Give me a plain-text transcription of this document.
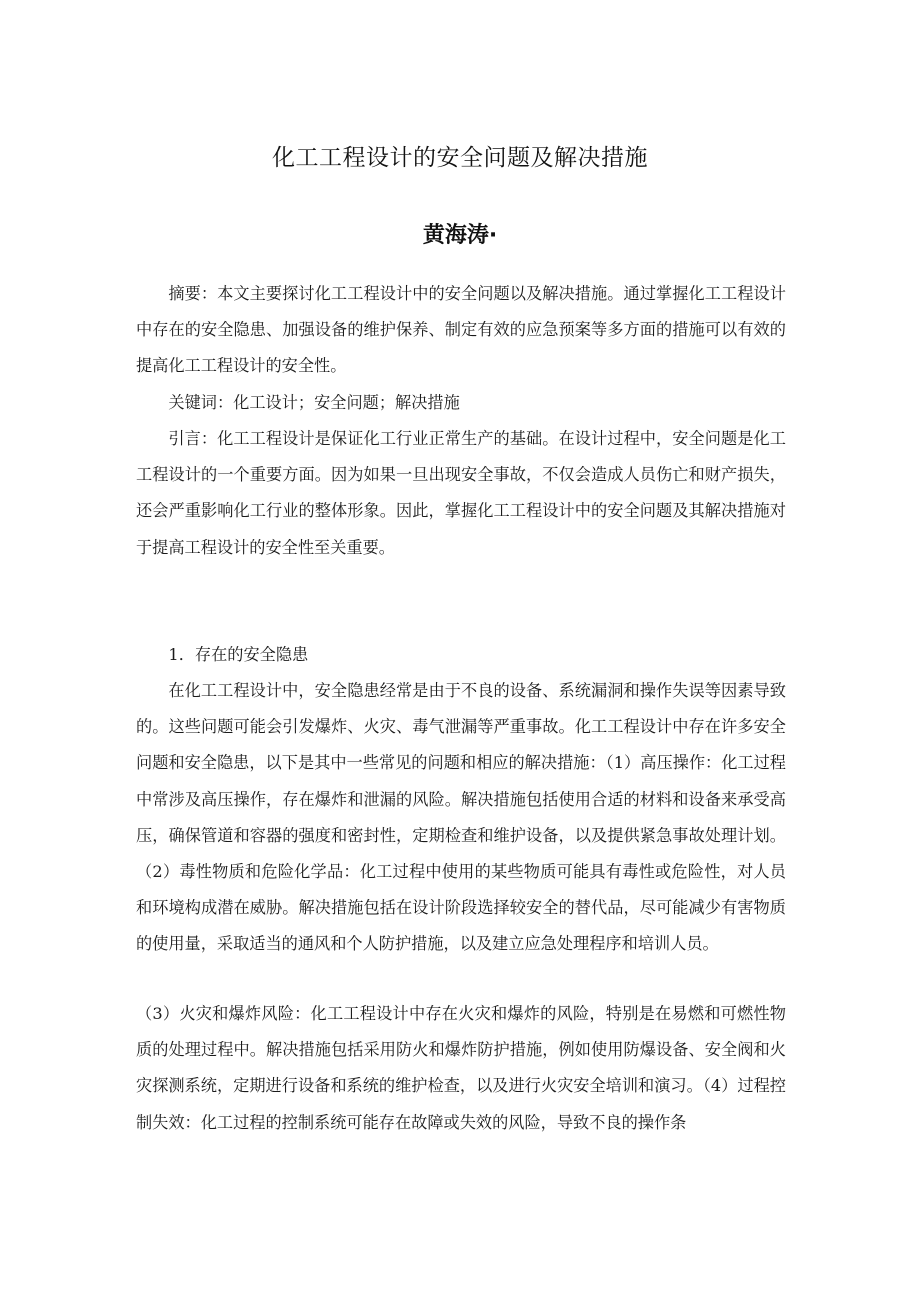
化工工程设计的安全问题及解决措施
黄海涛·

摘要：本文主要探讨化工工程设计中的安全问题以及解决措施。通过掌握化工工程设计中存在的安全隐患、加强设备的维护保养、制定有效的应急预案等多方面的措施可以有效的提高化工工程设计的安全性。

关键词：化工设计；安全问题；解决措施

引言：化工工程设计是保证化工行业正常生产的基础。在设计过程中，安全问题是化工工程设计的一个重要方面。因为如果一旦出现安全事故，不仅会造成人员伤亡和财产损失，还会严重影响化工行业的整体形象。因此，掌握化工工程设计中的安全问题及其解决措施对于提高工程设计的安全性至关重要。

1．存在的安全隐患

在化工工程设计中，安全隐患经常是由于不良的设备、系统漏洞和操作失误等因素导致的。这些问题可能会引发爆炸、火灾、毒气泄漏等严重事故。化工工程设计中存在许多安全问题和安全隐患，以下是其中一些常见的问题和相应的解决措施：（1）高压操作：化工过程中常涉及高压操作，存在爆炸和泄漏的风险。解决措施包括使用合适的材料和设备来承受高压，确保管道和容器的强度和密封性，定期检查和维护设备，以及提供紧急事故处理计划。（2）毒性物质和危险化学品：化工过程中使用的某些物质可能具有毒性或危险性，对人员和环境构成潜在威胁。解决措施包括在设计阶段选择较安全的替代品，尽可能减少有害物质的使用量，采取适当的通风和个人防护措施，以及建立应急处理程序和培训人员。

（3）火灾和爆炸风险：化工工程设计中存在火灾和爆炸的风险，特别是在易燃和可燃性物质的处理过程中。解决措施包括采用防火和爆炸防护措施，例如使用防爆设备、安全阀和火灾探测系统，定期进行设备和系统的维护检查，以及进行火灾安全培训和演习。（4）过程控制失效：化工过程的控制系统可能存在故障或失效的风险，导致不良的操作条
